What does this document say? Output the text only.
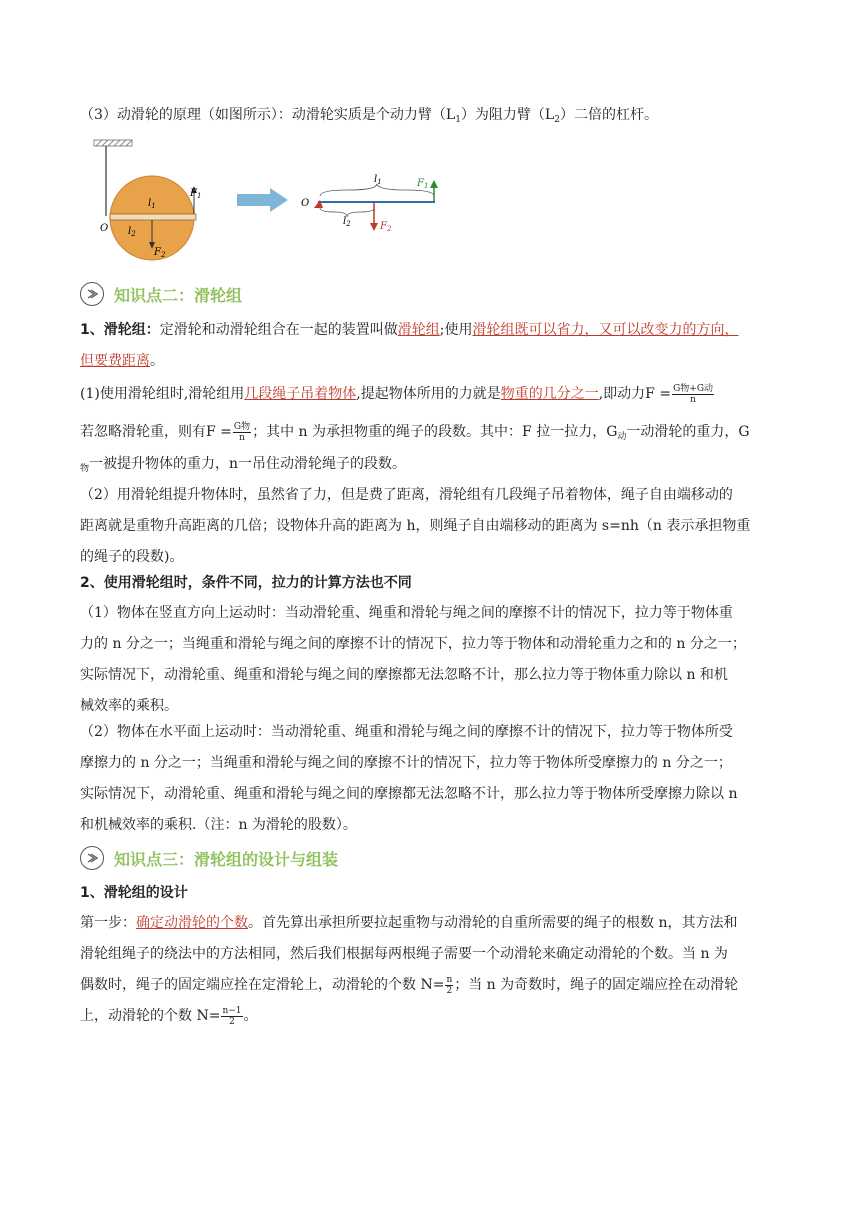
（3）动滑轮的原理（如图所示）：动滑轮实质是个动力臂$(L_1)$为阻力臂$(L_2)$二倍的杠杆。
$F_1$
$l_1$
O $l_2$
$F_2$
$l_1$	$F_1$
O
$l_2$	$F_2$
知识点二：滑轮组
1、滑轮组：定滑轮和动滑轮组合在一起的装置叫做滑轮组;使用滑轮组既可以省力，又可以改变力的方向，
但要费距离。
(1)使用滑轮组时,滑轮组用几段绳子吊着物体,提起物体所用的力就是物重的几分之一,即动力$F = \frac{\text{G物+G动}}{n}$
若忽略滑轮重，则有$F = \frac{\text{G物}}{n}$ ；其中 n 为承担物重的绳子的段数。其中：F 拉一拉力，$G_动$一动滑轮的重力，G
$_物$一被提升物体的重力，n一吊住动滑轮绳子的段数。
（2）用滑轮组提升物体时，虽然省了力，但是费了距离，滑轮组有几段绳子吊着物体，绳子自由端移动的
距离就是重物升高距离的几倍；设物体升高的距离为 h，则绳子自由端移动的距离为 s=nh（n 表示承担物重
的绳子的段数)。
2、使用滑轮组时，条件不同，拉力的计算方法也不同
（1）物体在竖直方向上运动时：当动滑轮重、绳重和滑轮与绳之间的摩擦不计的情况下，拉力等于物体重
力的 n 分之一；当绳重和滑轮与绳之间的摩擦不计的情况下，拉力等于物体和动滑轮重力之和的 n 分之一；
实际情况下，动滑轮重、绳重和滑轮与绳之间的摩擦都无法忽略不计，那么拉力等于物体重力除以 n 和机
械效率的乘积。
（2）物体在水平面上运动时：当动滑轮重、绳重和滑轮与绳之间的摩擦不计的情况下，拉力等于物体所受
摩擦力的 n 分之一；当绳重和滑轮与绳之间的摩擦不计的情况下，拉力等于物体所受摩擦力的 n 分之一；
实际情况下，动滑轮重、绳重和滑轮与绳之间的摩擦都无法忽略不计，那么拉力等于物体所受摩擦力除以 n
和机械效率的乘积.（注：n 为滑轮的股数）。
知识点三：滑轮组的设计与组装
1、滑轮组的设计
第一步：确定动滑轮的个数。首先算出承担所要拉起重物与动滑轮的自重所需要的绳子的根数 n，其方法和
滑轮组绳子的绕法中的方法相同，然后我们根据每两根绳子需要一个动滑轮来确定动滑轮的个数。当 n 为
偶数时，绳子的固定端应拴在定滑轮上，动滑轮的个数 $N= \frac{n}{2}$ ；当 n 为奇数时，绳子的固定端应拴在动滑轮
上，动滑轮的个数 $N= \frac{n-1}{2}$ 。
